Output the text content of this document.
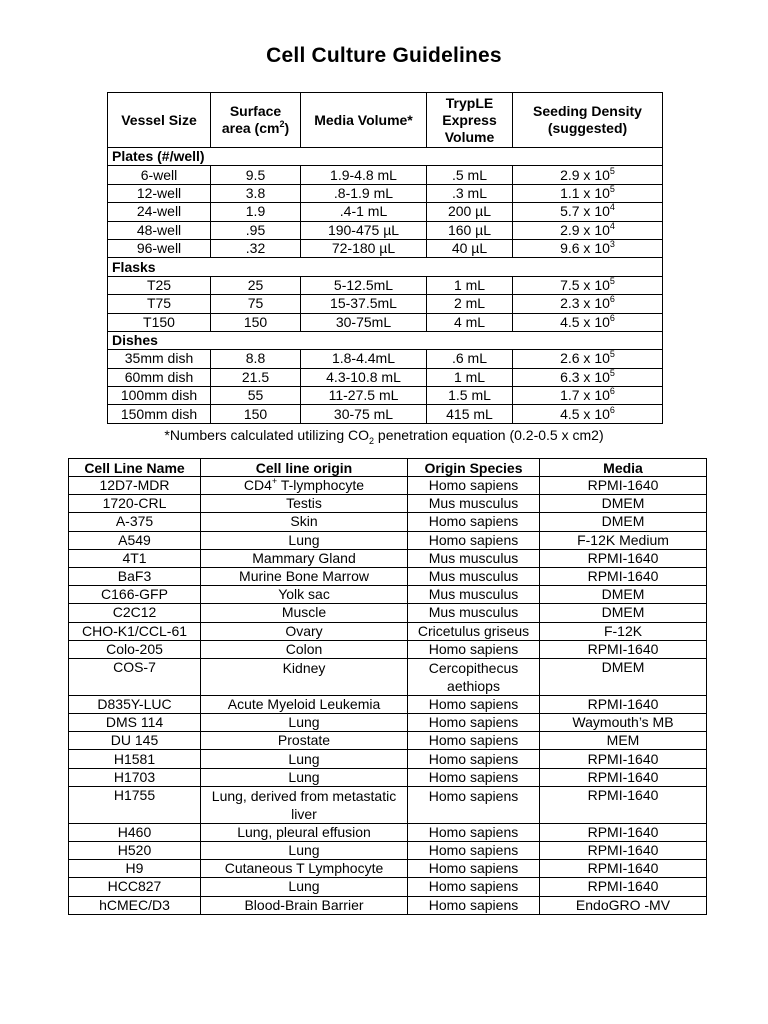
Cell Culture Guidelines
Vessel Size	Surface area $(cm^2)$	Media Volume*	TrypLE Express Volume	Seeding Density (suggested)
Plates (#/well)				
6-well	9.5	1.9-4.8 mL	.5 mL	2.9 x $10^5$
12-well	3.8	.8-1.9 mL	.3 mL	1.1 x $10^5$
24-well	1.9	.4-1 mL	200 µL	5.7 x $10^4$
48-well	.95	190-475 µL	160 µL	2.9 x $10^4$
96-well	.32	72-180 µL	40 µL	9.6 x $10^3$
Flasks				
T25	25	5-12.5mL	1 mL	7.5 x $10^5$
T75	75	15-37.5mL	2 mL	2.3 x $10^6$
T150	150	30-75mL	4 mL	4.5 x $10^6$
Dishes				
35mm dish	8.8	1.8-4.4mL	.6 mL	2.6 x $10^5$
60mm dish	21.5	4.3-10.8 mL	1 mL	6.3 x $10^5$
100mm dish	55	11-27.5 mL	1.5 mL	1.7 x $10^6$
150mm dish	150	30-75 mL	415 mL	4.5 x $10^6$
*Numbers calculated utilizing $CO_2$ penetration equation (0.2-0.5 x cm2)
Cell Line Name	Cell line origin	Origin Species	Media
12D7-MDR	CD4+ T-lymphocyte	Homo sapiens	RPMI-1640
1720-CRL	Testis	Mus musculus	DMEM
A-375	Skin	Homo sapiens	DMEM
A549	Lung	Homo sapiens	F-12K Medium
4T1	Mammary Gland	Mus musculus	RPMI-1640
BaF3	Murine Bone Marrow	Mus musculus	RPMI-1640
C166-GFP	Yolk sac	Mus musculus	DMEM
C2C12	Muscle	Mus musculus	DMEM
CHO-K1/CCL-61	Ovary	Cricetulus griseus	F-12K
Colo-205	Colon	Homo sapiens	RPMI-1640
COS-7	Kidney	Cercopithecus aethiops	DMEM
D835Y-LUC	Acute Myeloid Leukemia	Homo sapiens	RPMI-1640
DMS 114	Lung	Homo sapiens	Waymouth’s MB
DU 145	Prostate	Homo sapiens	MEM
H1581	Lung	Homo sapiens	RPMI-1640
H1703	Lung	Homo sapiens	RPMI-1640
H1755	Lung, derived from metastatic liver	Homo sapiens	RPMI-1640
H460	Lung, pleural effusion	Homo sapiens	RPMI-1640
H520	Lung	Homo sapiens	RPMI-1640
H9	Cutaneous T Lymphocyte	Homo sapiens	RPMI-1640
HCC827	Lung	Homo sapiens	RPMI-1640
hCMEC/D3	Blood-Brain Barrier	Homo sapiens	EndoGRO -MV
